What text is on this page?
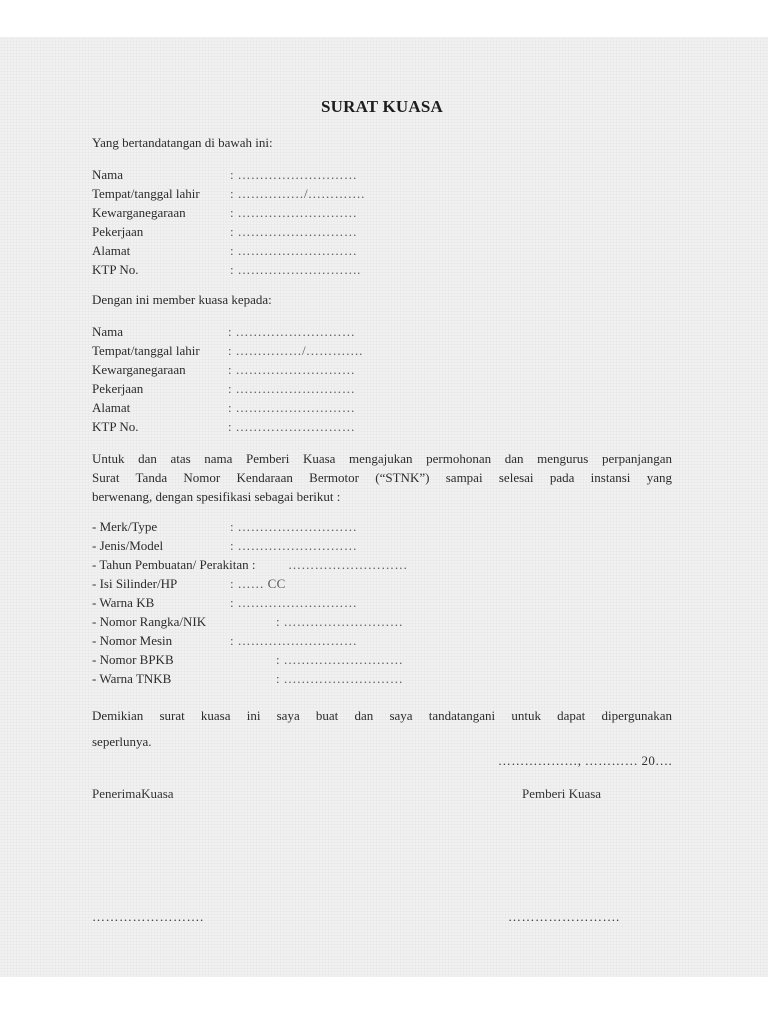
SURAT KUASA
Yang bertandatangan di bawah ini:
Nama	: ………………………
Tempat/tanggal lahir : ……………/………….
Kewarganegaraan	: ………………………
Pekerjaan	: ………………………
Alamat	: ………………………
KTP No.	: ……………………….
Dengan ini member kuasa kepada:
Nama	: ………………………
Tempat/tanggal lahir : ……………/………….
Kewarganegaraan	: ………………………
Pekerjaan	: ………………………
Alamat	: ………………………
KTP No.	: ………………………
Untuk dan atas nama Pemberi Kuasa mengajukan permohonan dan mengurus perpanjangan
Surat Tanda Nomor Kendaraan Bermotor (“STNK”) sampai selesai pada instansi yang
berwenang, dengan spesifikasi sebagai berikut :
- Merk/Type	: ………………………
- Jenis/Model	: ………………………
- Tahun Pembuatan/ Perakitan :	………………………
- Isi Silinder/HP	: …… CC
- Warna KB	: ………………………
- Nomor Rangka/NIK	: ………………………
- Nomor Mesin	: ………………………
- Nomor BPKB	: ………………………
- Warna TNKB	: ………………………
Demikian surat kuasa ini saya buat dan saya tandatangani untuk dapat dipergunakan
seperlunya.
………………, ………… 20….
PenerimaKuasa	Pemberi Kuasa
…………………….	…………………….
